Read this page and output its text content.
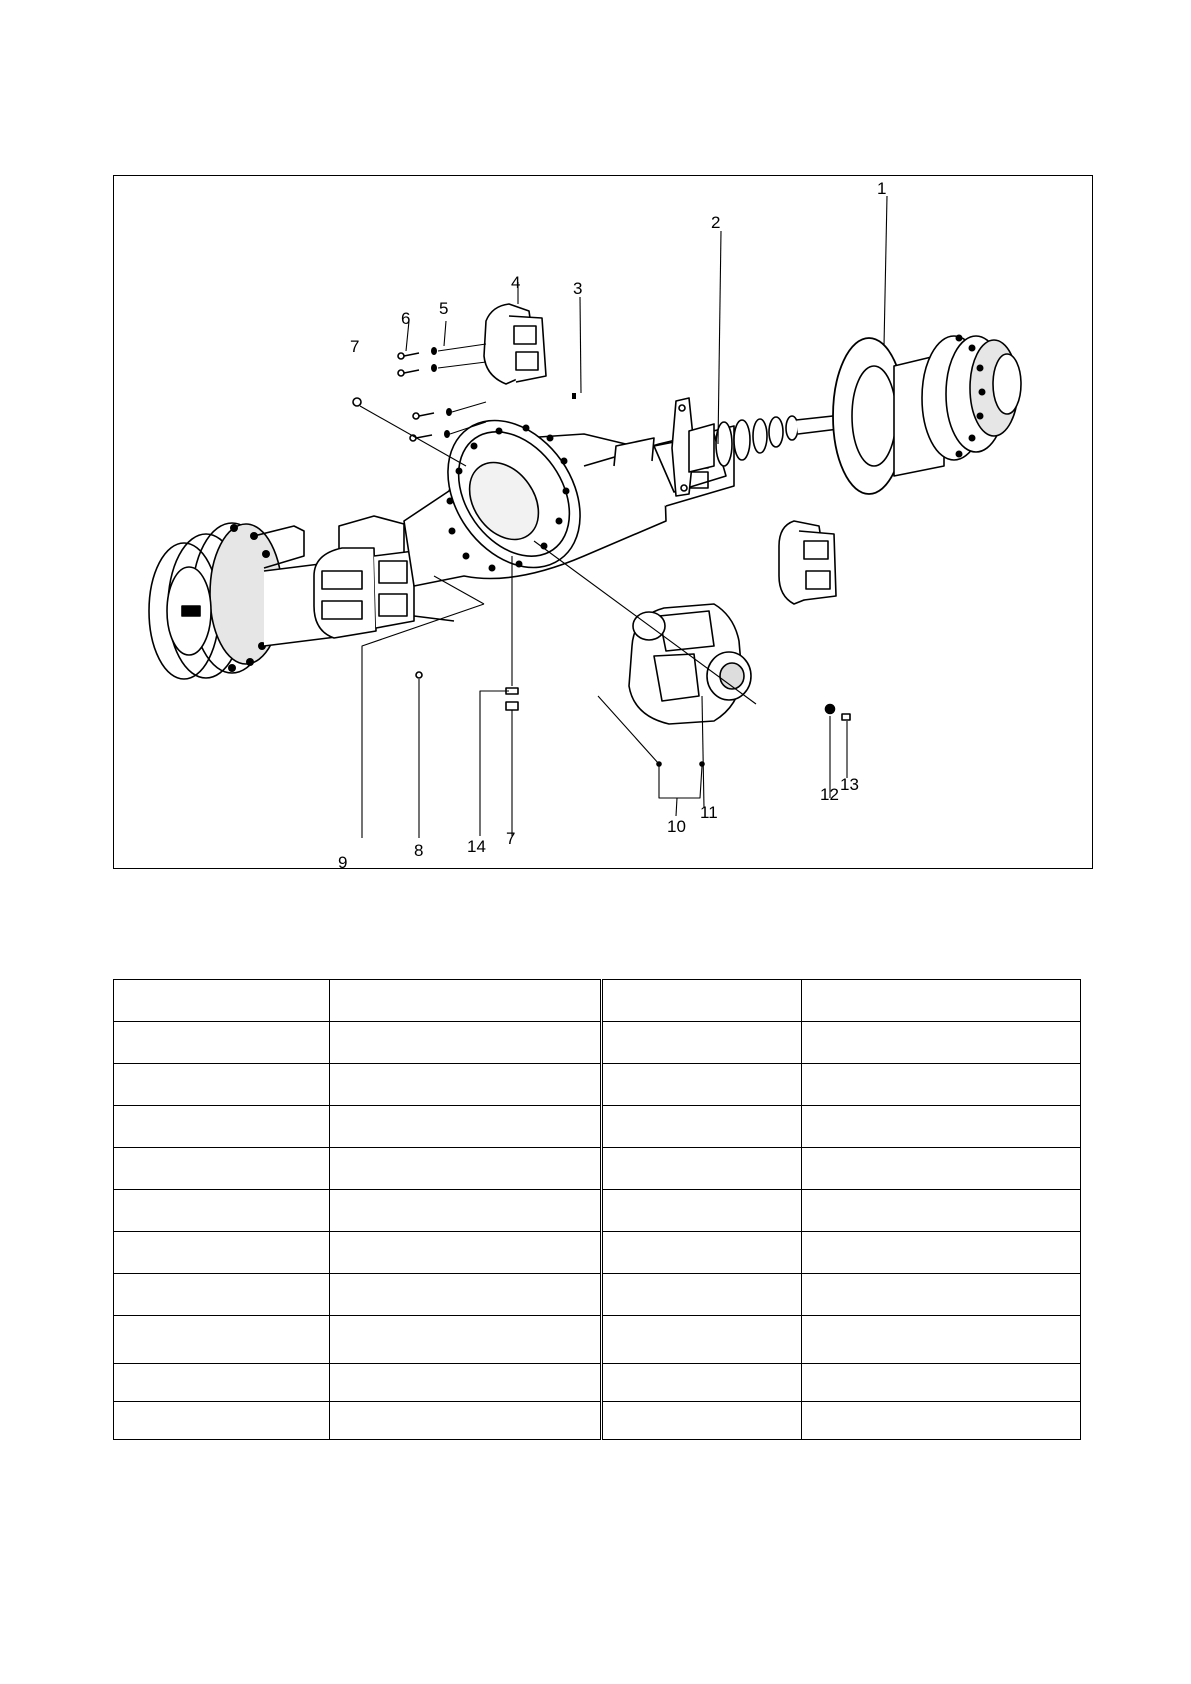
1
2
3
4
5
6
7
7
8
9
10
11
12
13
14
